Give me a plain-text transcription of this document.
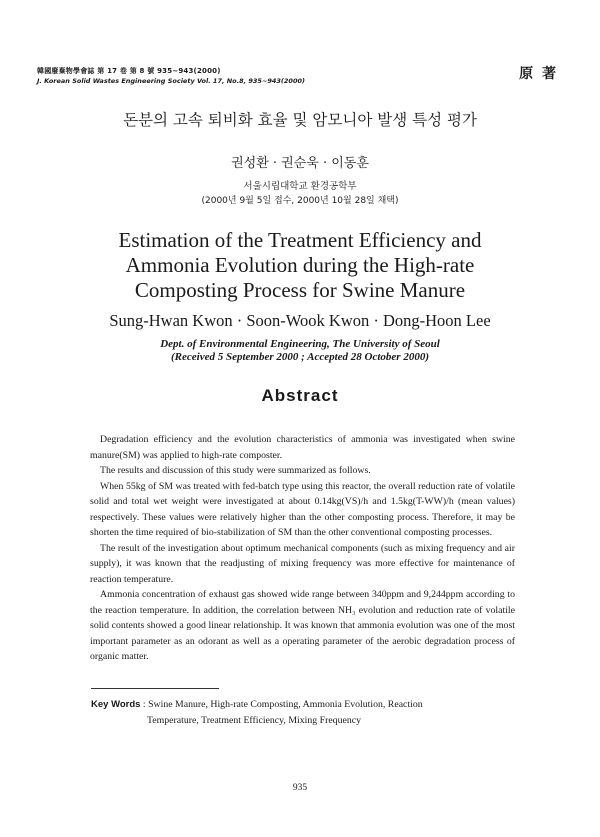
韓國廢棄物學會誌 第 17 卷 第 8 號 935~943(2000)
J. Korean Solid Wastes Engineering Society Vol. 17, No.8, 935~943(2000)	原 著
돈분의 고속 퇴비화 효율 및 암모니아 발생 특성 평가
권성환 · 권순욱 · 이동훈
서울시립대학교 환경공학부
(2000년 9월 5일 접수, 2000년 10월 28일 채택)
Estimation of the Treatment Efficiency and
Ammonia Evolution during the High-rate
Composting Process for Swine Manure
Sung-Hwan Kwon · Soon-Wook Kwon · Dong-Hoon Lee
Dept. of Environmental Engineering, The University of Seoul
(Received 5 September 2000 ; Accepted 28 October 2000)
Abstract

Degradation efficiency and the evolution characteristics of ammonia was investigated when swine manure(SM) was applied to high-rate composter.

The results and discussion of this study were summarized as follows.

When 55kg of SM was treated with fed-batch type using this reactor, the overall reduction rate of volatile solid and total wet weight were investigated at about 0.14kg(VS)/h and 1.5kg(T-WW)/h (mean values) respectively. These values were relatively higher than the other composting process. Therefore, it may be shorten the time required of bio-stabilization of SM than the other conventional composting processes.

The result of the investigation about optimum mechanical components (such as mixing frequency and air supply), it was known that the readjusting of mixing frequency was more effective for maintenance of reaction temperature.

Ammonia concentration of exhaust gas showed wide range between 340ppm and 9,244ppm according to the reaction temperature. In addition, the correlation between NH₃ evolution and reduction rate of volatile solid contents showed a good linear relationship. It was known that ammonia evolution was one of the most important parameter as an odorant as well as a operating parameter of the aerobic degradation process of organic matter.

Key Words : Swine Manure, High-rate Composting, Ammonia Evolution, Reaction
Temperature, Treatment Efficiency, Mixing Frequency
935
